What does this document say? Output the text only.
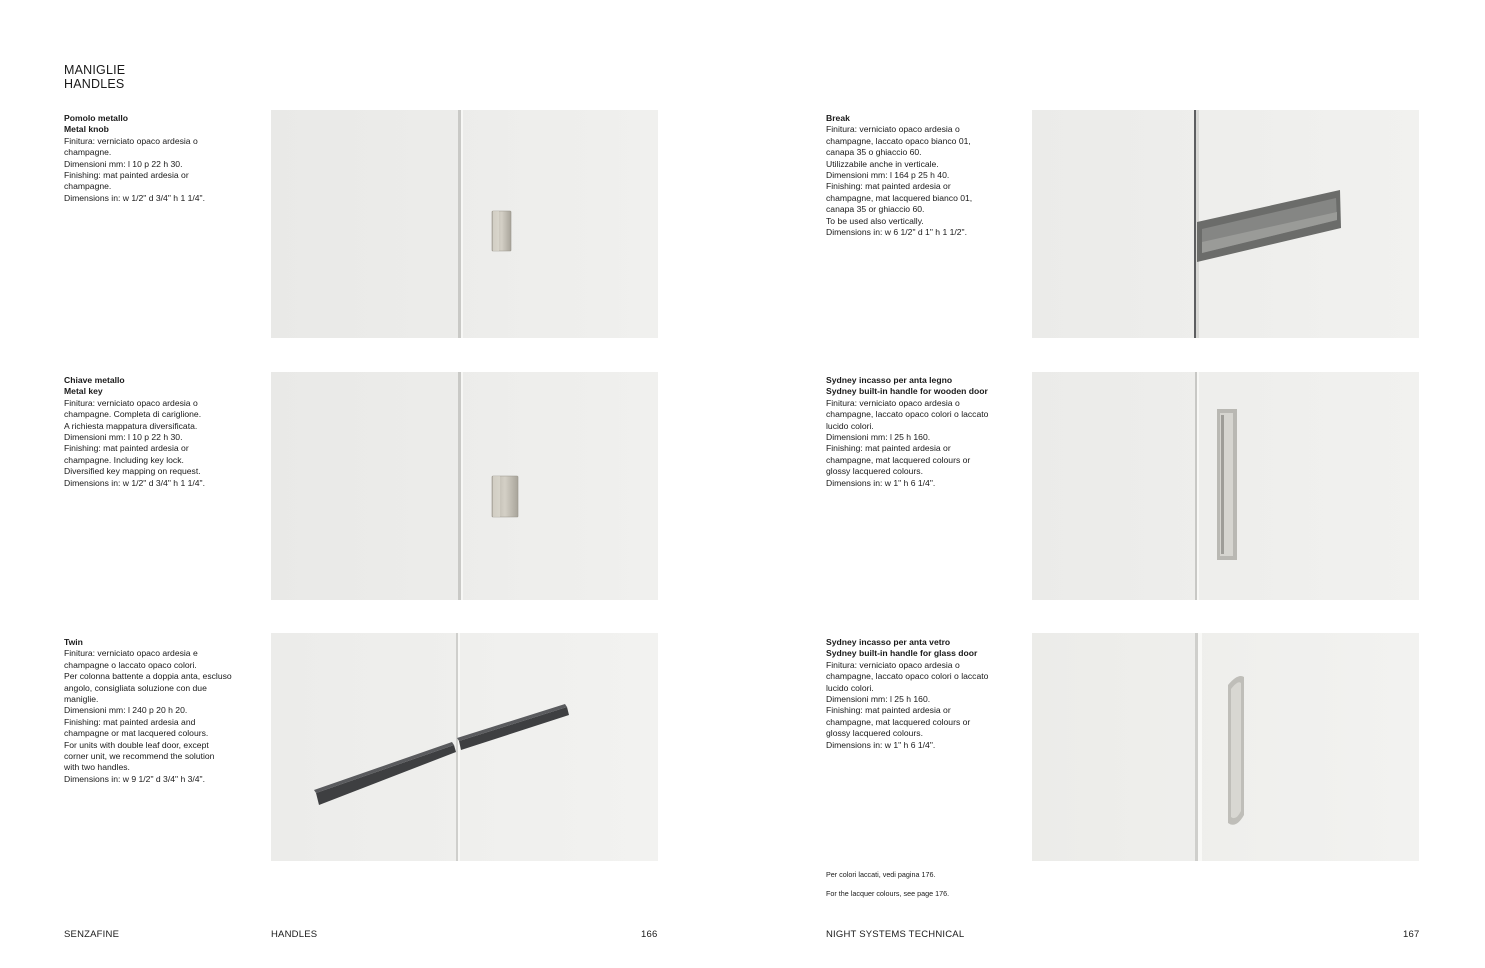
MANIGLIE
HANDLES
Pomolo metallo
Metal knob
Finitura: verniciato opaco ardesia o
champagne.
Dimensioni mm: l 10 p 22 h 30.
Finishing: mat painted ardesia or
champagne.
Dimensions in: w 1/2" d 3/4" h 1 1/4".
Chiave metallo
Metal key
Finitura: verniciato opaco ardesia o
champagne. Completa di cariglione.
A richiesta mappatura diversificata.
Dimensioni mm: l 10 p 22 h 30.
Finishing: mat painted ardesia or
champagne. Including key lock.
Diversified key mapping on request.
Dimensions in: w 1/2" d 3/4" h 1 1/4".
Twin
Finitura: verniciato opaco ardesia e
champagne o laccato opaco colori.
Per colonna battente a doppia anta, escluso
angolo, consigliata soluzione con due
maniglie.
Dimensioni mm: l 240 p 20 h 20.
Finishing: mat painted ardesia and
champagne or mat lacquered colours.
For units with double leaf door, except
corner unit, we recommend the solution
with two handles.
Dimensions in: w 9 1/2" d 3/4" h 3/4".
Break
Finitura: verniciato opaco ardesia o
champagne, laccato opaco bianco 01,
canapa 35 o ghiaccio 60.
Utilizzabile anche in verticale.
Dimensioni mm: l 164 p 25 h 40.
Finishing: mat painted ardesia or
champagne, mat lacquered bianco 01,
canapa 35 or ghiaccio 60.
To be used also vertically.
Dimensions in: w 6 1/2" d 1" h 1 1/2".
Sydney incasso per anta legno
Sydney built-in handle for wooden door
Finitura: verniciato opaco ardesia o
champagne, laccato opaco colori o laccato
lucido colori.
Dimensioni mm: l 25 h 160.
Finishing: mat painted ardesia or
champagne, mat lacquered colours or
glossy lacquered colours.
Dimensions in: w 1" h 6 1/4".
Sydney incasso per anta vetro
Sydney built-in handle for glass door
Finitura: verniciato opaco ardesia o
champagne, laccato opaco colori o laccato
lucido colori.
Dimensioni mm: l 25 h 160.
Finishing: mat painted ardesia or
champagne, mat lacquered colours or
glossy lacquered colours.
Dimensions in: w 1" h 6 1/4".
Per colori laccati, vedi pagina 176.
For the lacquer colours, see page 176.
SENZAFINE	HANDLES	166	NIGHT SYSTEMS TECHNICAL	167
